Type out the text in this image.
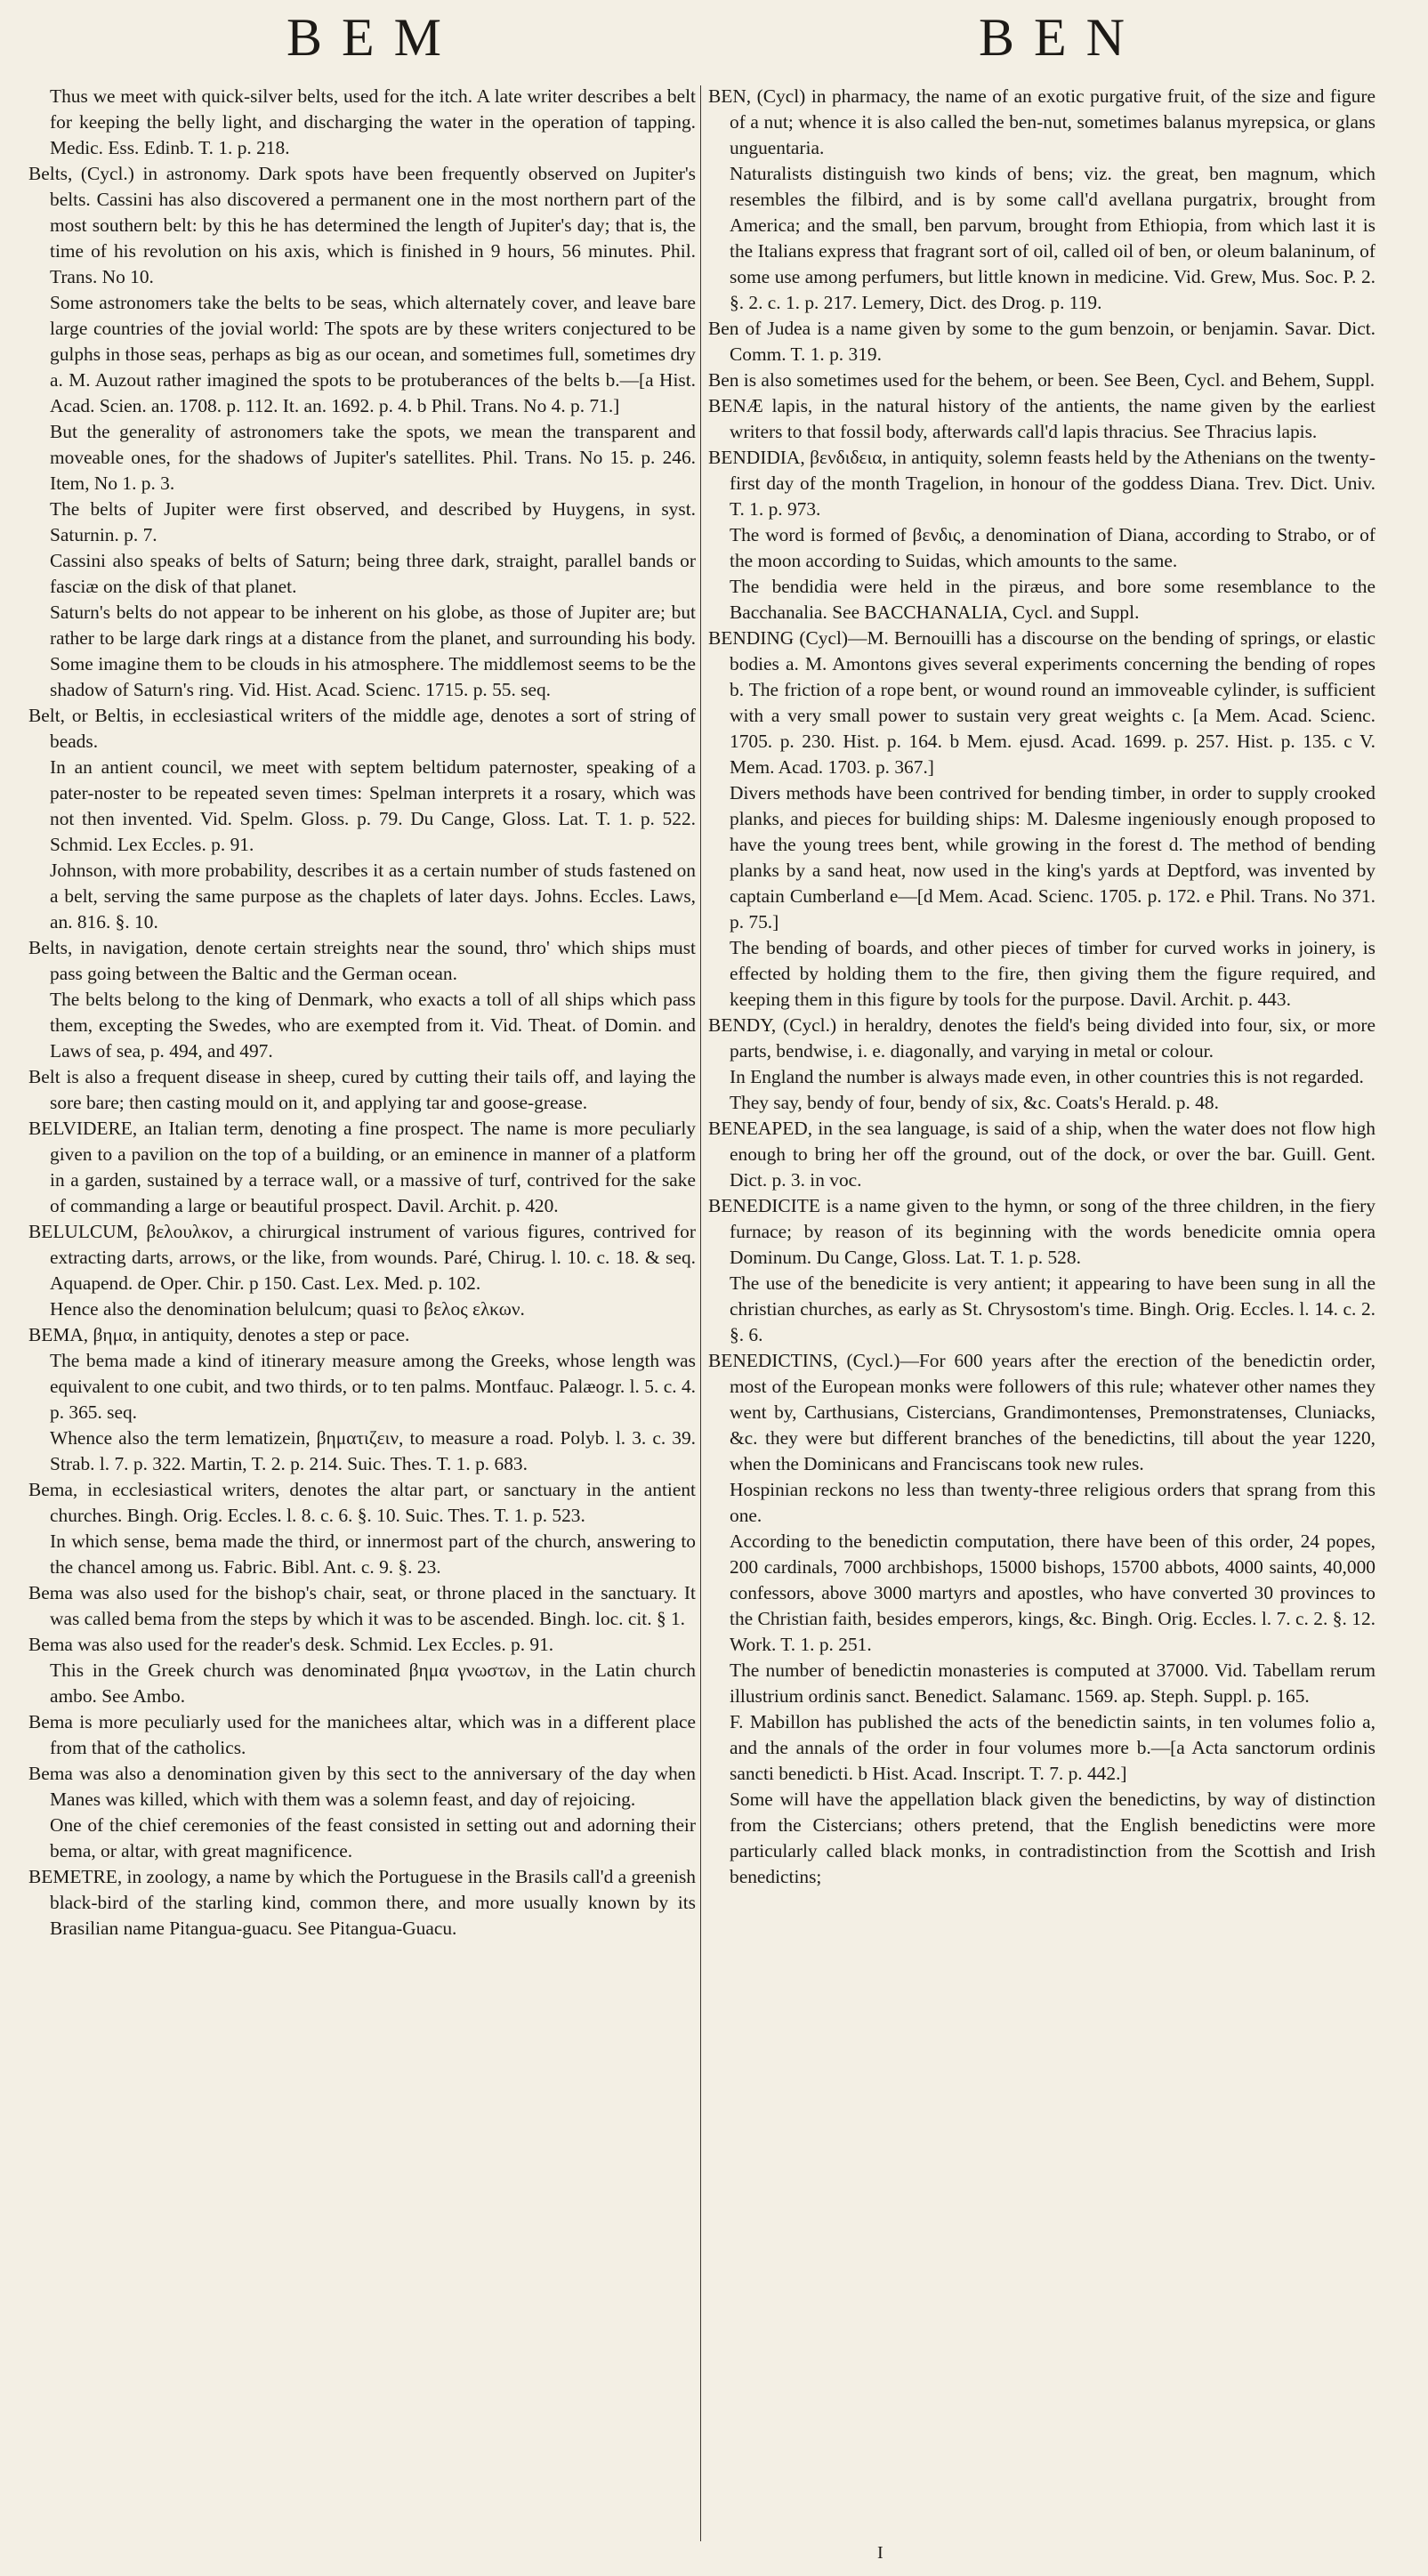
BEM	BEN

Thus we meet with quick-silver belts, used for the itch. A late writer describes a belt for keeping the belly light, and discharging the water in the operation of tapping. Medic. Ess. Edinb. T. 1. p. 218.

Belts, (Cycl.) in astronomy. Dark spots have been frequently observed on Jupiter's belts. Cassini has also discovered a permanent one in the most northern part of the most southern belt: by this he has determined the length of Jupiter's day; that is, the time of his revolution on his axis, which is finished in 9 hours, 56 minutes. Phil. Trans. No 10.

Some astronomers take the belts to be seas, which alternately cover, and leave bare large countries of the jovial world: The spots are by these writers conjectured to be gulphs in those seas, perhaps as big as our ocean, and sometimes full, sometimes dry a. M. Auzout rather imagined the spots to be protuberances of the belts b.—[a Hist. Acad. Scien. an. 1708. p. 112. It. an. 1692. p. 4. b Phil. Trans. No 4. p. 71.]

But the generality of astronomers take the spots, we mean the transparent and moveable ones, for the shadows of Jupiter's satellites. Phil. Trans. No 15. p. 246. Item, No 1. p. 3.

The belts of Jupiter were first observed, and described by Huygens, in syst. Saturnin. p. 7.

Cassini also speaks of belts of Saturn; being three dark, straight, parallel bands or fasciæ on the disk of that planet.

Saturn's belts do not appear to be inherent on his globe, as those of Jupiter are; but rather to be large dark rings at a distance from the planet, and surrounding his body. Some imagine them to be clouds in his atmosphere. The middlemost seems to be the shadow of Saturn's ring. Vid. Hist. Acad. Scienc. 1715. p. 55. seq.

Belt, or Beltis, in ecclesiastical writers of the middle age, denotes a sort of string of beads.

In an antient council, we meet with septem beltidum paternoster, speaking of a pater-noster to be repeated seven times: Spelman interprets it a rosary, which was not then invented. Vid. Spelm. Gloss. p. 79. Du Cange, Gloss. Lat. T. 1. p. 522. Schmid. Lex Eccles. p. 91.

Johnson, with more probability, describes it as a certain number of studs fastened on a belt, serving the same purpose as the chaplets of later days. Johns. Eccles. Laws, an. 816. §. 10.

Belts, in navigation, denote certain streights near the sound, thro' which ships must pass going between the Baltic and the German ocean.

The belts belong to the king of Denmark, who exacts a toll of all ships which pass them, excepting the Swedes, who are exempted from it. Vid. Theat. of Domin. and Laws of sea, p. 494, and 497.

Belt is also a frequent disease in sheep, cured by cutting their tails off, and laying the sore bare; then casting mould on it, and applying tar and goose-grease.

BELVIDERE, an Italian term, denoting a fine prospect. The name is more peculiarly given to a pavilion on the top of a building, or an eminence in manner of a platform in a garden, sustained by a terrace wall, or a massive of turf, contrived for the sake of commanding a large or beautiful prospect. Davil. Archit. p. 420.

BELULCUM, βελουλκον, a chirurgical instrument of various figures, contrived for extracting darts, arrows, or the like, from wounds. Paré, Chirug. l. 10. c. 18. & seq. Aquapend. de Oper. Chir. p 150. Cast. Lex. Med. p. 102.

Hence also the denomination belulcum; quasi το βελος ελκων.

BEMA, βημα, in antiquity, denotes a step or pace.

The bema made a kind of itinerary measure among the Greeks, whose length was equivalent to one cubit, and two thirds, or to ten palms. Montfauc. Palæogr. l. 5. c. 4. p. 365. seq.

Whence also the term lematizein, βηματιζειν, to measure a road. Polyb. l. 3. c. 39. Strab. l. 7. p. 322. Martin, T. 2. p. 214. Suic. Thes. T. 1. p. 683.

Bema, in ecclesiastical writers, denotes the altar part, or sanctuary in the antient churches. Bingh. Orig. Eccles. l. 8. c. 6. §. 10. Suic. Thes. T. 1. p. 523.

In which sense, bema made the third, or innermost part of the church, answering to the chancel among us. Fabric. Bibl. Ant. c. 9. §. 23.

Bema was also used for the bishop's chair, seat, or throne placed in the sanctuary. It was called bema from the steps by which it was to be ascended. Bingh. loc. cit. § 1.

Bema was also used for the reader's desk. Schmid. Lex Eccles. p. 91.

This in the Greek church was denominated βημα γνωστων, in the Latin church ambo. See Ambo.

Bema is more peculiarly used for the manichees altar, which was in a different place from that of the catholics.

Bema was also a denomination given by this sect to the anniversary of the day when Manes was killed, which with them was a solemn feast, and day of rejoicing.

One of the chief ceremonies of the feast consisted in setting out and adorning their bema, or altar, with great magnificence.

BEMETRE, in zoology, a name by which the Portuguese in the Brasils call'd a greenish black-bird of the starling kind, common there, and more usually known by its Brasilian name Pitangua-guacu. See Pitangua-Guacu.

BEN, (Cycl) in pharmacy, the name of an exotic purgative fruit, of the size and figure of a nut; whence it is also called the ben-nut, sometimes balanus myrepsica, or glans unguentaria.

Naturalists distinguish two kinds of bens; viz. the great, ben magnum, which resembles the filbird, and is by some call'd avellana purgatrix, brought from America; and the small, ben parvum, brought from Ethiopia, from which last it is the Italians express that fragrant sort of oil, called oil of ben, or oleum balaninum, of some use among perfumers, but little known in medicine. Vid. Grew, Mus. Soc. P. 2. §. 2. c. 1. p. 217. Lemery, Dict. des Drog. p. 119.

Ben of Judea is a name given by some to the gum benzoin, or benjamin. Savar. Dict. Comm. T. 1. p. 319.

Ben is also sometimes used for the behem, or been. See Been, Cycl. and Behem, Suppl.

BENÆ lapis, in the natural history of the antients, the name given by the earliest writers to that fossil body, afterwards call'd lapis thracius. See Thracius lapis.

BENDIDIA, βενδιδεια, in antiquity, solemn feasts held by the Athenians on the twenty-first day of the month Tragelion, in honour of the goddess Diana. Trev. Dict. Univ. T. 1. p. 973.

The word is formed of βενδις, a denomination of Diana, according to Strabo, or of the moon according to Suidas, which amounts to the same.

The bendidia were held in the piræus, and bore some resemblance to the Bacchanalia. See BACCHANALIA, Cycl. and Suppl.

BENDING (Cycl)—M. Bernouilli has a discourse on the bending of springs, or elastic bodies a. M. Amontons gives several experiments concerning the bending of ropes b. The friction of a rope bent, or wound round an immoveable cylinder, is sufficient with a very small power to sustain very great weights c. [a Mem. Acad. Scienc. 1705. p. 230. Hist. p. 164. b Mem. ejusd. Acad. 1699. p. 257. Hist. p. 135. c V. Mem. Acad. 1703. p. 367.]

Divers methods have been contrived for bending timber, in order to supply crooked planks, and pieces for building ships: M. Dalesme ingeniously enough proposed to have the young trees bent, while growing in the forest d. The method of bending planks by a sand heat, now used in the king's yards at Deptford, was invented by captain Cumberland e—[d Mem. Acad. Scienc. 1705. p. 172. e Phil. Trans. No 371. p. 75.]

The bending of boards, and other pieces of timber for curved works in joinery, is effected by holding them to the fire, then giving them the figure required, and keeping them in this figure by tools for the purpose. Davil. Archit. p. 443.

BENDY, (Cycl.) in heraldry, denotes the field's being divided into four, six, or more parts, bendwise, i. e. diagonally, and varying in metal or colour.

In England the number is always made even, in other countries this is not regarded.

They say, bendy of four, bendy of six, &c. Coats's Herald. p. 48.

BENEAPED, in the sea language, is said of a ship, when the water does not flow high enough to bring her off the ground, out of the dock, or over the bar. Guill. Gent. Dict. p. 3. in voc.

BENEDICITE is a name given to the hymn, or song of the three children, in the fiery furnace; by reason of its beginning with the words benedicite omnia opera Dominum. Du Cange, Gloss. Lat. T. 1. p. 528.

The use of the benedicite is very antient; it appearing to have been sung in all the christian churches, as early as St. Chrysostom's time. Bingh. Orig. Eccles. l. 14. c. 2. §. 6.

BENEDICTINS, (Cycl.)—For 600 years after the erection of the benedictin order, most of the European monks were followers of this rule; whatever other names they went by, Carthusians, Cistercians, Grandimontenses, Premonstratenses, Cluniacks, &c. they were but different branches of the benedictins, till about the year 1220, when the Dominicans and Franciscans took new rules.

Hospinian reckons no less than twenty-three religious orders that sprang from this one.

According to the benedictin computation, there have been of this order, 24 popes, 200 cardinals, 7000 archbishops, 15000 bishops, 15700 abbots, 4000 saints, 40,000 confessors, above 3000 martyrs and apostles, who have converted 30 provinces to the Christian faith, besides emperors, kings, &c. Bingh. Orig. Eccles. l. 7. c. 2. §. 12. Work. T. 1. p. 251.

The number of benedictin monasteries is computed at 37000. Vid. Tabellam rerum illustrium ordinis sanct. Benedict. Salamanc. 1569. ap. Steph. Suppl. p. 165.

F. Mabillon has published the acts of the benedictin saints, in ten volumes folio a, and the annals of the order in four volumes more b.—[a Acta sanctorum ordinis sancti benedicti. b Hist. Acad. Inscript. T. 7. p. 442.]

Some will have the appellation black given the benedictins, by way of distinction from the Cistercians; others pretend, that the English benedictins were more particularly called black monks, in contradistinction from the Scottish and Irish benedictins;

I
